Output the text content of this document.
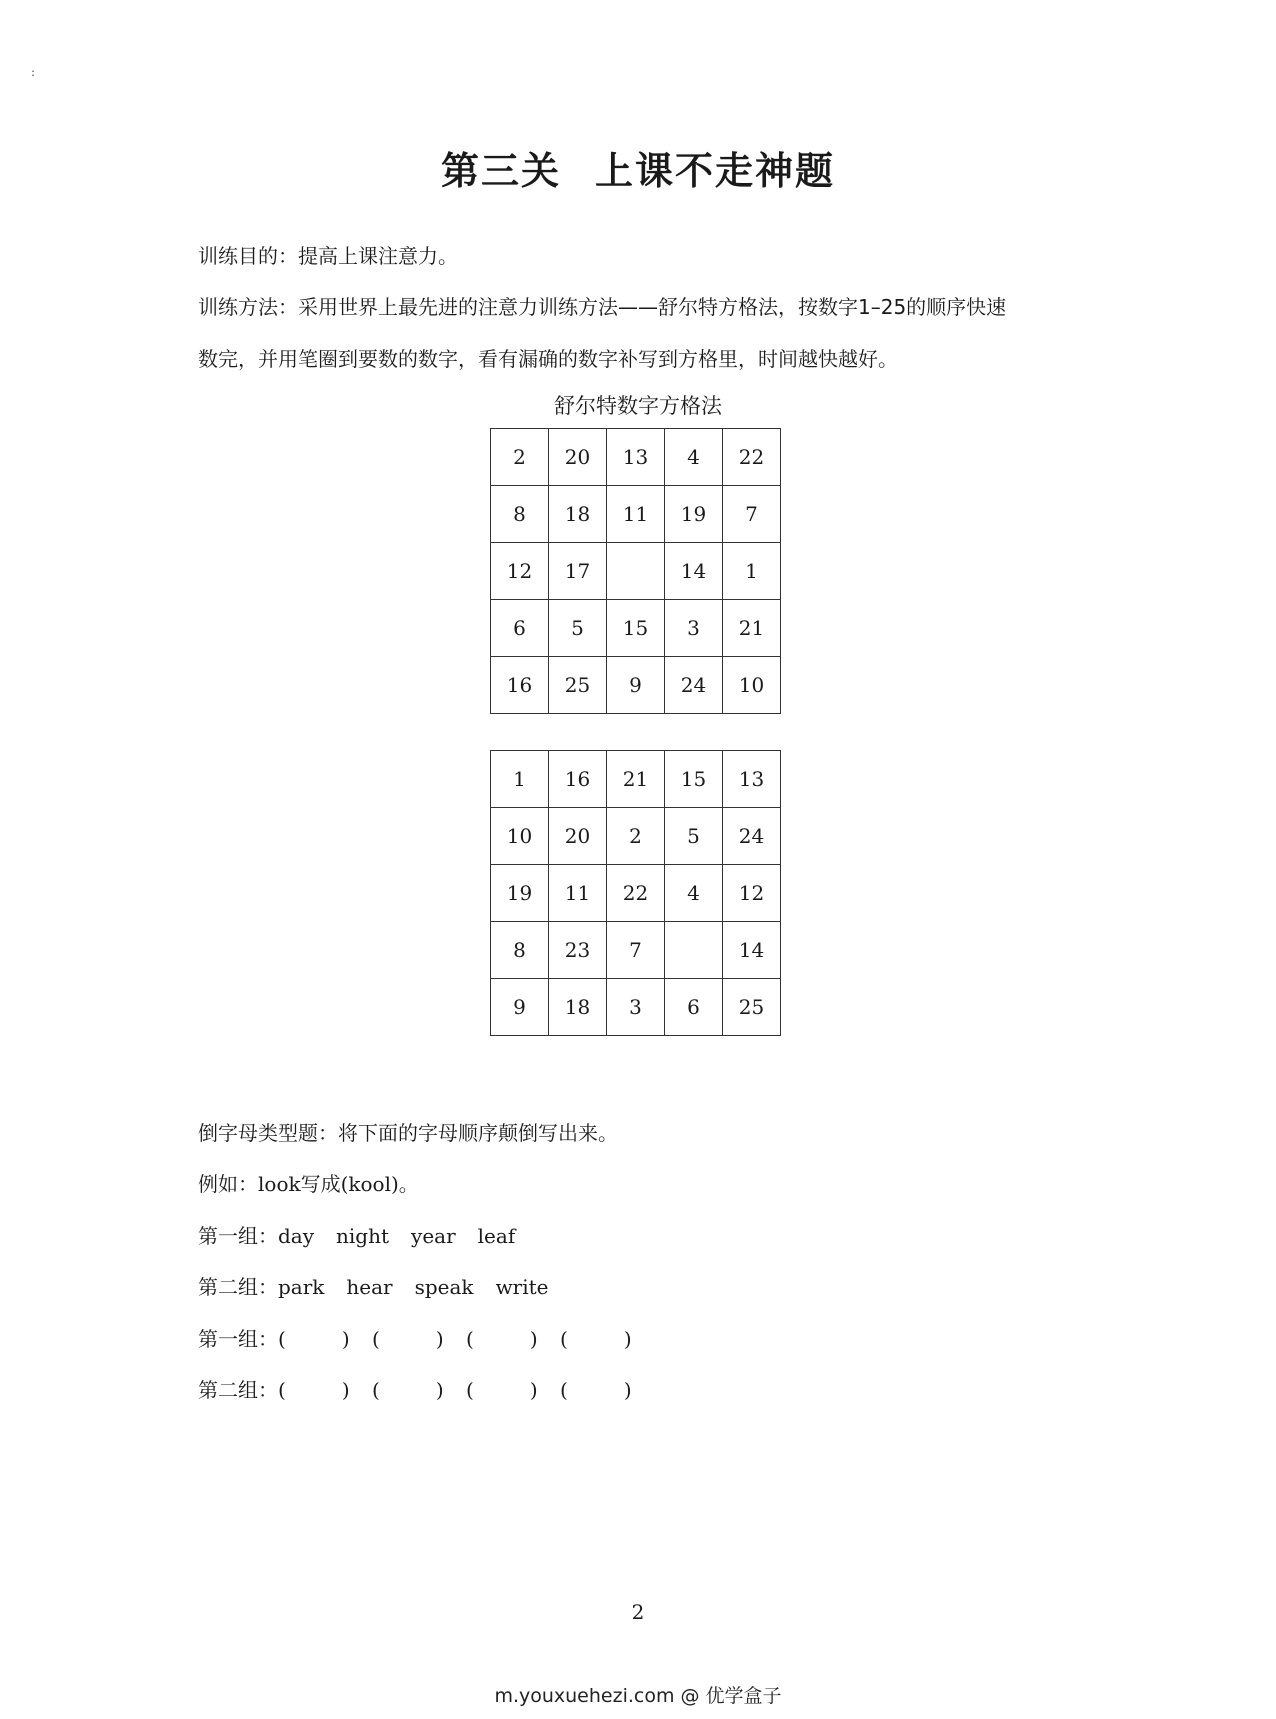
:
第三关 上课不走神题
训练目的：提高上课注意力。
训练方法：采用世界上最先进的注意力训练方法——舒尔特方格法，按数字1–25的顺序快速
数完，并用笔圈到要数的数字，看有漏确的数字补写到方格里，时间越快越好。
舒尔特数字方格法
2	20	13	4	22
8	18	11	19	7
12	17		14	1
6	5	15	3	21
16	25	9	24	10
1	16	21	15	13
10	20	2	5	24
19	11	22	4	12
8	23	7		14
9	18	3	6	25
倒字母类型题：将下面的字母顺序颠倒写出来。
例如：look写成(kool)。
第一组：day night year leaf
第二组：park hear speak write
第一组：(	) (	) (	) (	)
第二组：(	) (	) (	) (	)
2
m.youxuehezi.com @ 优学盒子
